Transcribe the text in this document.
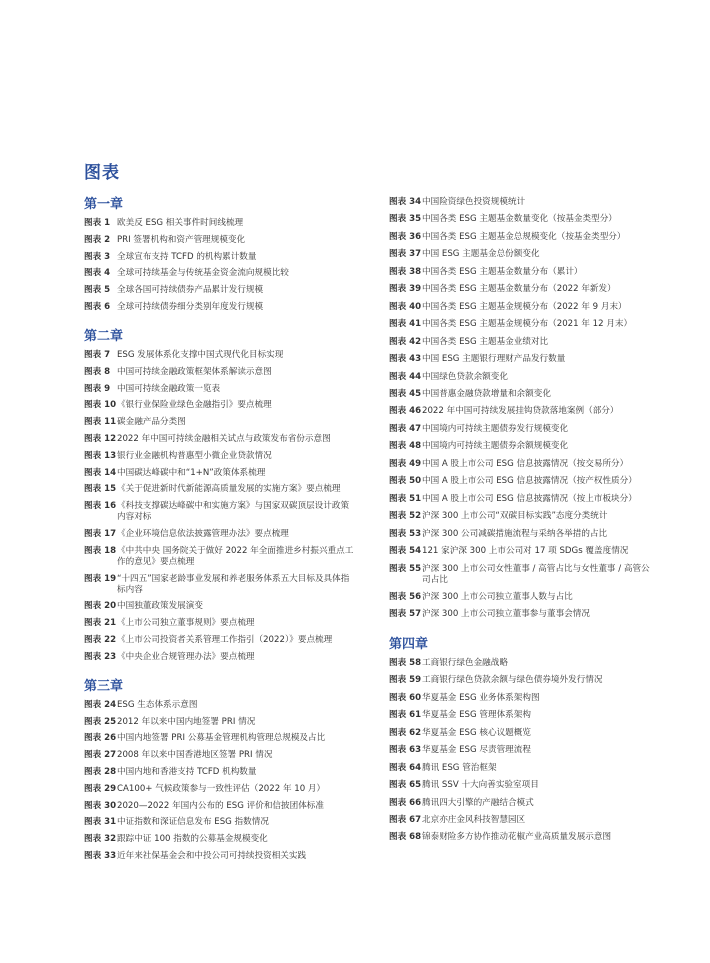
图表
第一章
图表 1 欧美反 ESG 相关事件时间线梳理
图表 2 PRI 签署机构和资产管理规模变化
图表 3 全球宣布支持 TCFD 的机构累计数量
图表 4 全球可持续基金与传统基金资金流向规模比较
图表 5 全球各国可持续债券产品累计发行规模
图表 6 全球可持续债券细分类别年度发行规模
第二章
图表 7 ESG 发展体系化支撑中国式现代化目标实现
图表 8 中国可持续金融政策框架体系解读示意图
图表 9 中国可持续金融政策一览表
图表 10 《银行业保险业绿色金融指引》要点梳理
图表 11 碳金融产品分类图
图表 12 2022 年中国可持续金融相关试点与政策发布省份示意图
图表 13 银行业金融机构普惠型小微企业贷款情况
图表 14 中国碳达峰碳中和“1+N”政策体系梳理
图表 15 《关于促进新时代新能源高质量发展的实施方案》要点梳理
图表 16 《科技支撑碳达峰碳中和实施方案》与国家双碳顶层设计政策内容对标
图表 17 《企业环境信息依法披露管理办法》要点梳理
图表 18 《中共中央 国务院关于做好 2022 年全面推进乡村振兴重点工作的意见》要点梳理
图表 19 “十四五”国家老龄事业发展和养老服务体系五大目标及具体指标内容
图表 20 中国独董政策发展演变
图表 21 《上市公司独立董事规则》要点梳理
图表 22 《上市公司投资者关系管理工作指引（2022）》要点梳理
图表 23 《中央企业合规管理办法》要点梳理
第三章
图表 24 ESG 生态体系示意图
图表 25 2012 年以来中国内地签署 PRI 情况
图表 26 中国内地签署 PRI 公募基金管理机构管理总规模及占比
图表 27 2008 年以来中国香港地区签署 PRI 情况
图表 28 中国内地和香港支持 TCFD 机构数量
图表 29 CA100+ 气候政策参与一致性评估（2022 年 10 月）
图表 30 2020—2022 年国内公布的 ESG 评价和信披团体标准
图表 31 中证指数和深证信息发布 ESG 指数情况
图表 32 跟踪中证 100 指数的公募基金规模变化
图表 33 近年来社保基金会和中投公司可持续投资相关实践
图表 34 中国险资绿色投资规模统计
图表 35 中国各类 ESG 主题基金数量变化（按基金类型分）
图表 36 中国各类 ESG 主题基金总规模变化（按基金类型分）
图表 37 中国 ESG 主题基金总份额变化
图表 38 中国各类 ESG 主题基金数量分布（累计）
图表 39 中国各类 ESG 主题基金数量分布（2022 年新发）
图表 40 中国各类 ESG 主题基金规模分布（2022 年 9 月末）
图表 41 中国各类 ESG 主题基金规模分布（2021 年 12 月末）
图表 42 中国各类 ESG 主题基金业绩对比
图表 43 中国 ESG 主题银行理财产品发行数量
图表 44 中国绿色贷款余额变化
图表 45 中国普惠金融贷款增量和余额变化
图表 46 2022 年中国可持续发展挂钩贷款落地案例（部分）
图表 47 中国境内可持续主题债券发行规模变化
图表 48 中国境内可持续主题债券余额规模变化
图表 49 中国 A 股上市公司 ESG 信息披露情况（按交易所分）
图表 50 中国 A 股上市公司 ESG 信息披露情况（按产权性质分）
图表 51 中国 A 股上市公司 ESG 信息披露情况（按上市板块分）
图表 52 沪深 300 上市公司“双碳目标实践”态度分类统计
图表 53 沪深 300 公司减碳措施流程与采纳各举措的占比
图表 54 121 家沪深 300 上市公司对 17 项 SDGs 覆盖度情况
图表 55 沪深 300 上市公司女性董事 / 高管占比与女性董事 / 高管公司占比
图表 56 沪深 300 上市公司独立董事人数与占比
图表 57 沪深 300 上市公司独立董事参与董事会情况
第四章
图表 58 工商银行绿色金融战略
图表 59 工商银行绿色贷款余额与绿色债券境外发行情况
图表 60 华夏基金 ESG 业务体系架构图
图表 61 华夏基金 ESG 管理体系架构
图表 62 华夏基金 ESG 核心议题概览
图表 63 华夏基金 ESG 尽责管理流程
图表 64 腾讯 ESG 管治框架
图表 65 腾讯 SSV 十大向善实验室项目
图表 66 腾讯四大引擎的产融结合模式
图表 67 北京亦庄金风科技智慧园区
图表 68 锦泰财险多方协作推动花椒产业高质量发展示意图
